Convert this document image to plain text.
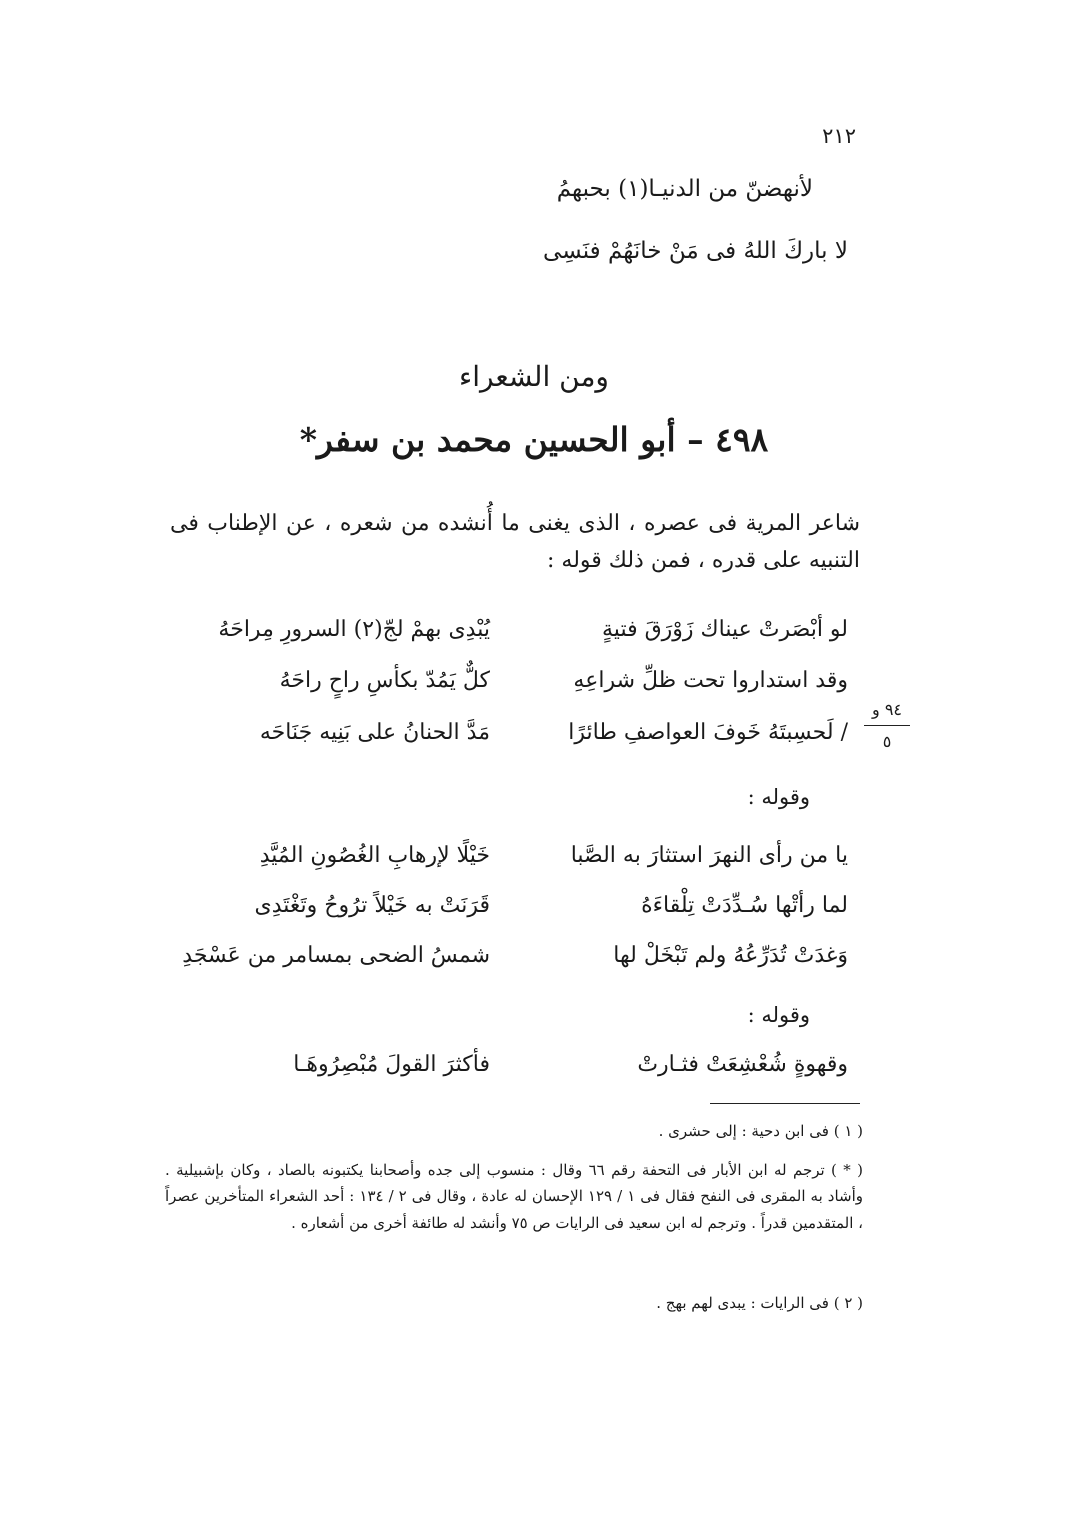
٢١٢
لأنهضنّ من الدنيـا(١) بحبهمُ
لا باركَ اللهُ فى مَنْ خانَهُمْ فنَسِى
ومن الشعراء
٤٩٨ – أبو الحسين محمد بن سفر*
شاعر المرية فى عصره ، الذى يغنى ما أُنشده من شعره ، عن الإطناب فى التنبيه على قدره ، فمن ذلك قوله :
لو أبْصَرتْ عيناك زَوْرَقَ فتيةٍ
يُبْدِى بهمْ لجّ(٢) السرورِ مِراحَهُ
وقد استداروا تحت ظلِّ شراعِهِ
كلٌّ يَمُدّ بكأسِ راحٍ راحَهُ
/ لَحسِبتَهُ خَوفَ العواصفِ طائرًا
مَدَّ الحنانُ على بَنِيه جَنَاحَه
٩٤ و
٥
وقوله :
يا من رأى النهرَ استثارَ به الصَّبا
خَيْلًا لإرهابِ الغُصُونِ المُيَّدِ
لما رأتْها سُـدِّدَتْ تِلْقاءَهُ
قَرَنَتْ به خَيْلاً ترُوحُ وتَغْتَدِى
وَغدَتْ تُدَرِّعُهُ ولم تَبْخَلْ لها
شمسُ الضحى بمسامر من عَسْجَدِ
وقوله :
وقهوةٍ شُعْشِعَتْ فثـارتْ
فأكثرَ القولَ مُبْصِرُوهَـا
( ١ ) فى ابن دحية : إلى حشرى .
( * ) ترجم له ابن الأبار فى التحفة رقم ٦٦ وقال : منسوب إلى جده وأصحابنا يكتبونه بالصاد ، وكان بإشبيلية . وأشاد به المقرى فى النفح فقال فى ١ / ١٢٩ الإحسان له عادة ، وقال فى ٢ / ١٣٤ : أحد الشعراء المتأخرين عصراً ، المتقدمين قدراً . وترجم له ابن سعيد فى الرايات ص ٧٥ وأنشد له طائفة أخرى من أشعاره .
( ٢ ) فى الرايات : يبدى لهم بهج .
